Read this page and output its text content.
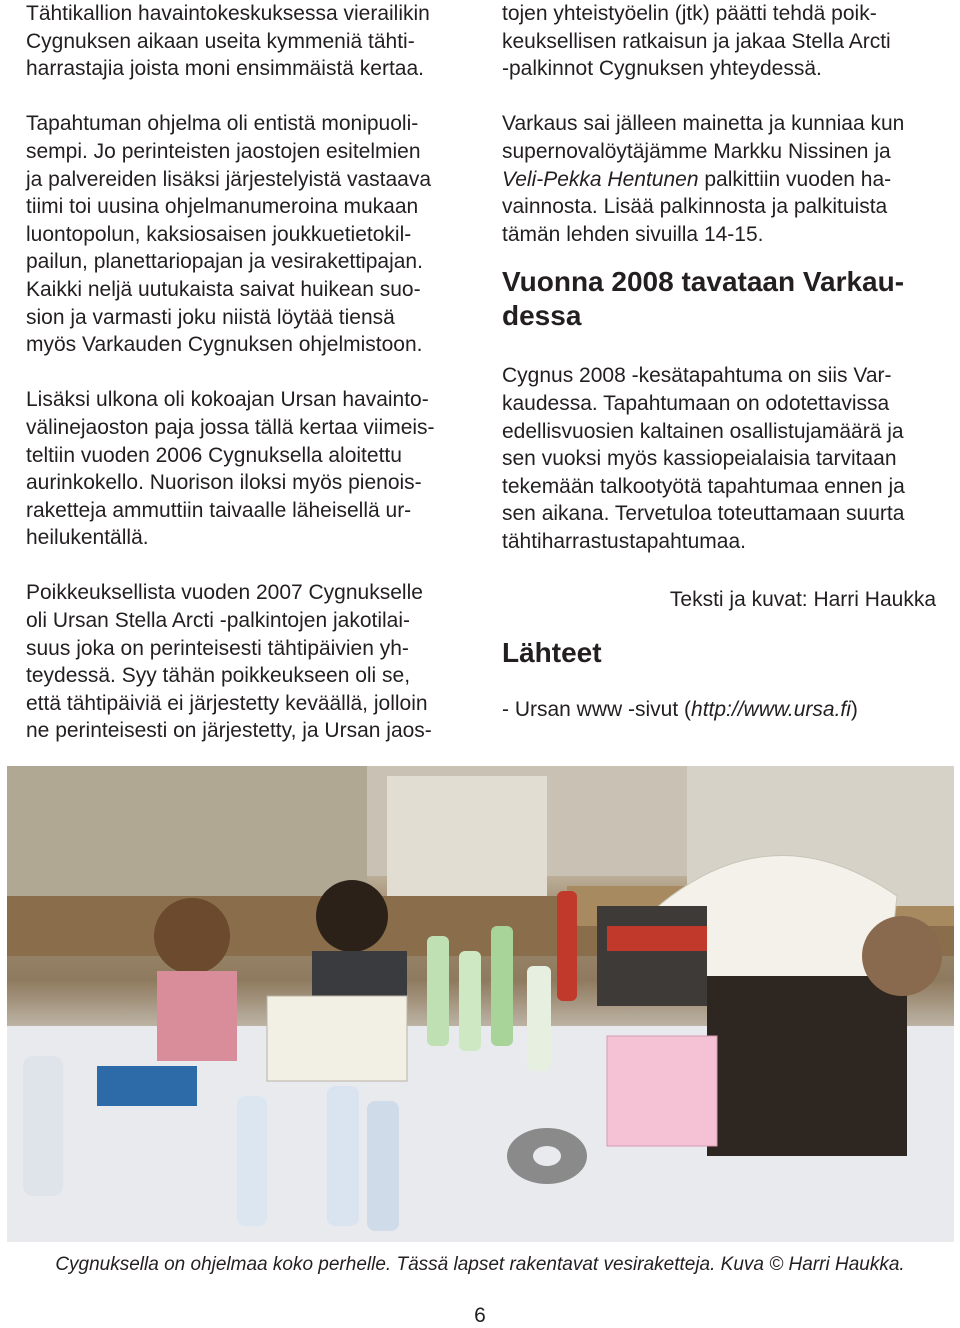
Tähtikallion havaintokeskuksessa vierailikin
Cygnuksen aikaan useita kymmeniä tähti-
harrastajia joista moni ensimmäistä kertaa.

Tapahtuman ohjelma oli entistä monipuoli-
sempi. Jo perinteisten jaostojen esitelmien
ja palvereiden lisäksi järjestelyistä vastaava
tiimi toi uusina ohjelmanumeroina mukaan
luontopolun, kaksiosaisen joukkuetietokil-
pailun, planettariopajan ja vesirakettipajan.
Kaikki neljä uutukaista saivat huikean suo-
sion ja varmasti joku niistä löytää tiensä
myös Varkauden Cygnuksen ohjelmistoon.

Lisäksi ulkona oli kokoajan Ursan havainto-
välinejaoston paja jossa tällä kertaa viimeis-
teltiin vuoden 2006 Cygnuksella aloitettu
aurinkokello. Nuorison iloksi myös pienois-
raketteja ammuttiin taivaalle läheisellä ur-
heilukentällä.

Poikkeuksellista vuoden 2007 Cygnukselle
oli Ursan Stella Arcti -palkintojen jakotilai-
suus joka on perinteisesti tähtipäivien yh-
teydessä. Syy tähän poikkeukseen oli se,
että tähtipäiviä ei järjestetty keväällä, jolloin
ne perinteisesti on järjestetty, ja Ursan jaos-

tojen yhteistyöelin (jtk) päätti tehdä poik-
keuksellisen ratkaisun ja jakaa Stella Arcti
-palkinnot Cygnuksen yhteydessä.

Varkaus sai jälleen mainetta ja kunniaa kun
supernovalöytäjämme Markku Nissinen ja
Veli-Pekka Hentunen palkittiin vuoden ha-
vainnosta. Lisää palkinnosta ja palkituista
tämän lehden sivuilla 14-15.

Vuonna 2008 tavataan Varkau-
dessa

Cygnus 2008 -kesätapahtuma on siis Var-
kaudessa. Tapahtumaan on odotettavissa
edellisvuosien kaltainen osallistujamäärä ja
sen vuoksi myös kassiopeialaisia tarvitaan
tekemään talkootyötä tapahtumaa ennen ja
sen aikana. Tervetuloa toteuttamaan suurta
tähtiharrastustapahtumaa.

Teksti ja kuvat: Harri Haukka

Lähteet

- Ursan www -sivut (http://www.ursa.fi)

Cygnuksella on ohjelmaa koko perhelle. Tässä lapset rakentavat vesiraketteja. Kuva © Harri Haukka.
6
